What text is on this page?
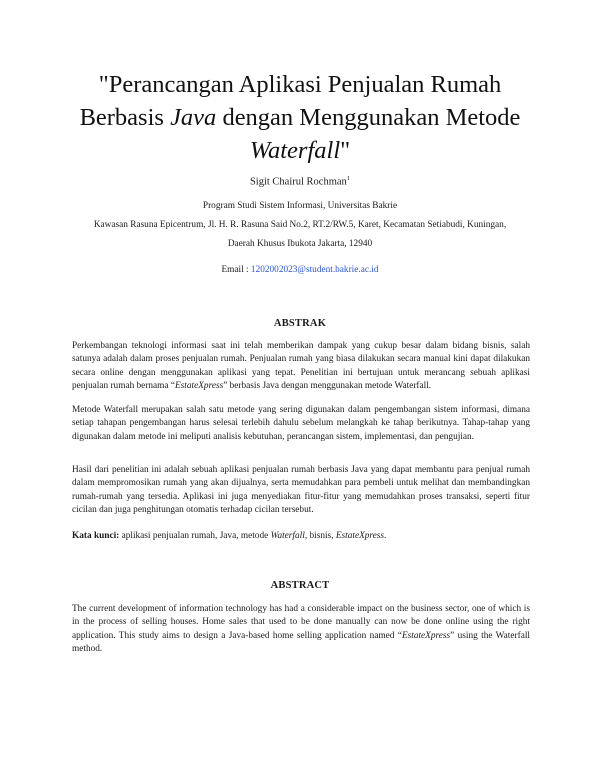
"Perancangan Aplikasi Penjualan Rumah
Berbasis Java dengan Menggunakan Metode
Waterfall"
Sigit Chairul Rochman$^1$
Program Studi Sistem Informasi, Universitas Bakrie
Kawasan Rasuna Epicentrum, Jl. H. R. Rasuna Said No.2, RT.2/RW.5, Karet, Kecamatan Setiabudi, Kuningan,
Daerah Khusus Ibukota Jakarta, 12940
Email : 1202002023@student.bakrie.ac.id
ABSTRAK
Perkembangan teknologi informasi saat ini telah memberikan dampak yang cukup besar dalam bidang bisnis, salah satunya adalah dalam proses penjualan rumah. Penjualan rumah yang biasa dilakukan secara manual kini dapat dilakukan secara online dengan menggunakan aplikasi yang tepat. Penelitian ini bertujuan untuk merancang sebuah aplikasi penjualan rumah bernama “EstateXpress” berbasis Java dengan menggunakan metode Waterfall.
Metode Waterfall merupakan salah satu metode yang sering digunakan dalam pengembangan sistem informasi, dimana setiap tahapan pengembangan harus selesai terlebih dahulu sebelum melangkah ke tahap berikutnya. Tahap-tahap yang digunakan dalam metode ini meliputi analisis kebutuhan, perancangan sistem, implementasi, dan pengujian.
Hasil dari penelitian ini adalah sebuah aplikasi penjualan rumah berbasis Java yang dapat membantu para penjual rumah dalam mempromosikan rumah yang akan dijualnya, serta memudahkan para pembeli untuk melihat dan membandingkan rumah-rumah yang tersedia. Aplikasi ini juga menyediakan fitur-fitur yang memudahkan proses transaksi, seperti fitur cicilan dan juga penghitungan otomatis terhadap cicilan tersebut.
Kata kunci: aplikasi penjualan rumah, Java, metode Waterfall, bisnis, EstateXpress.
ABSTRACT
The current development of information technology has had a considerable impact on the business sector, one of which is in the process of selling houses. Home sales that used to be done manually can now be done online using the right application. This study aims to design a Java-based home selling application named “EstateXpress” using the Waterfall method.
